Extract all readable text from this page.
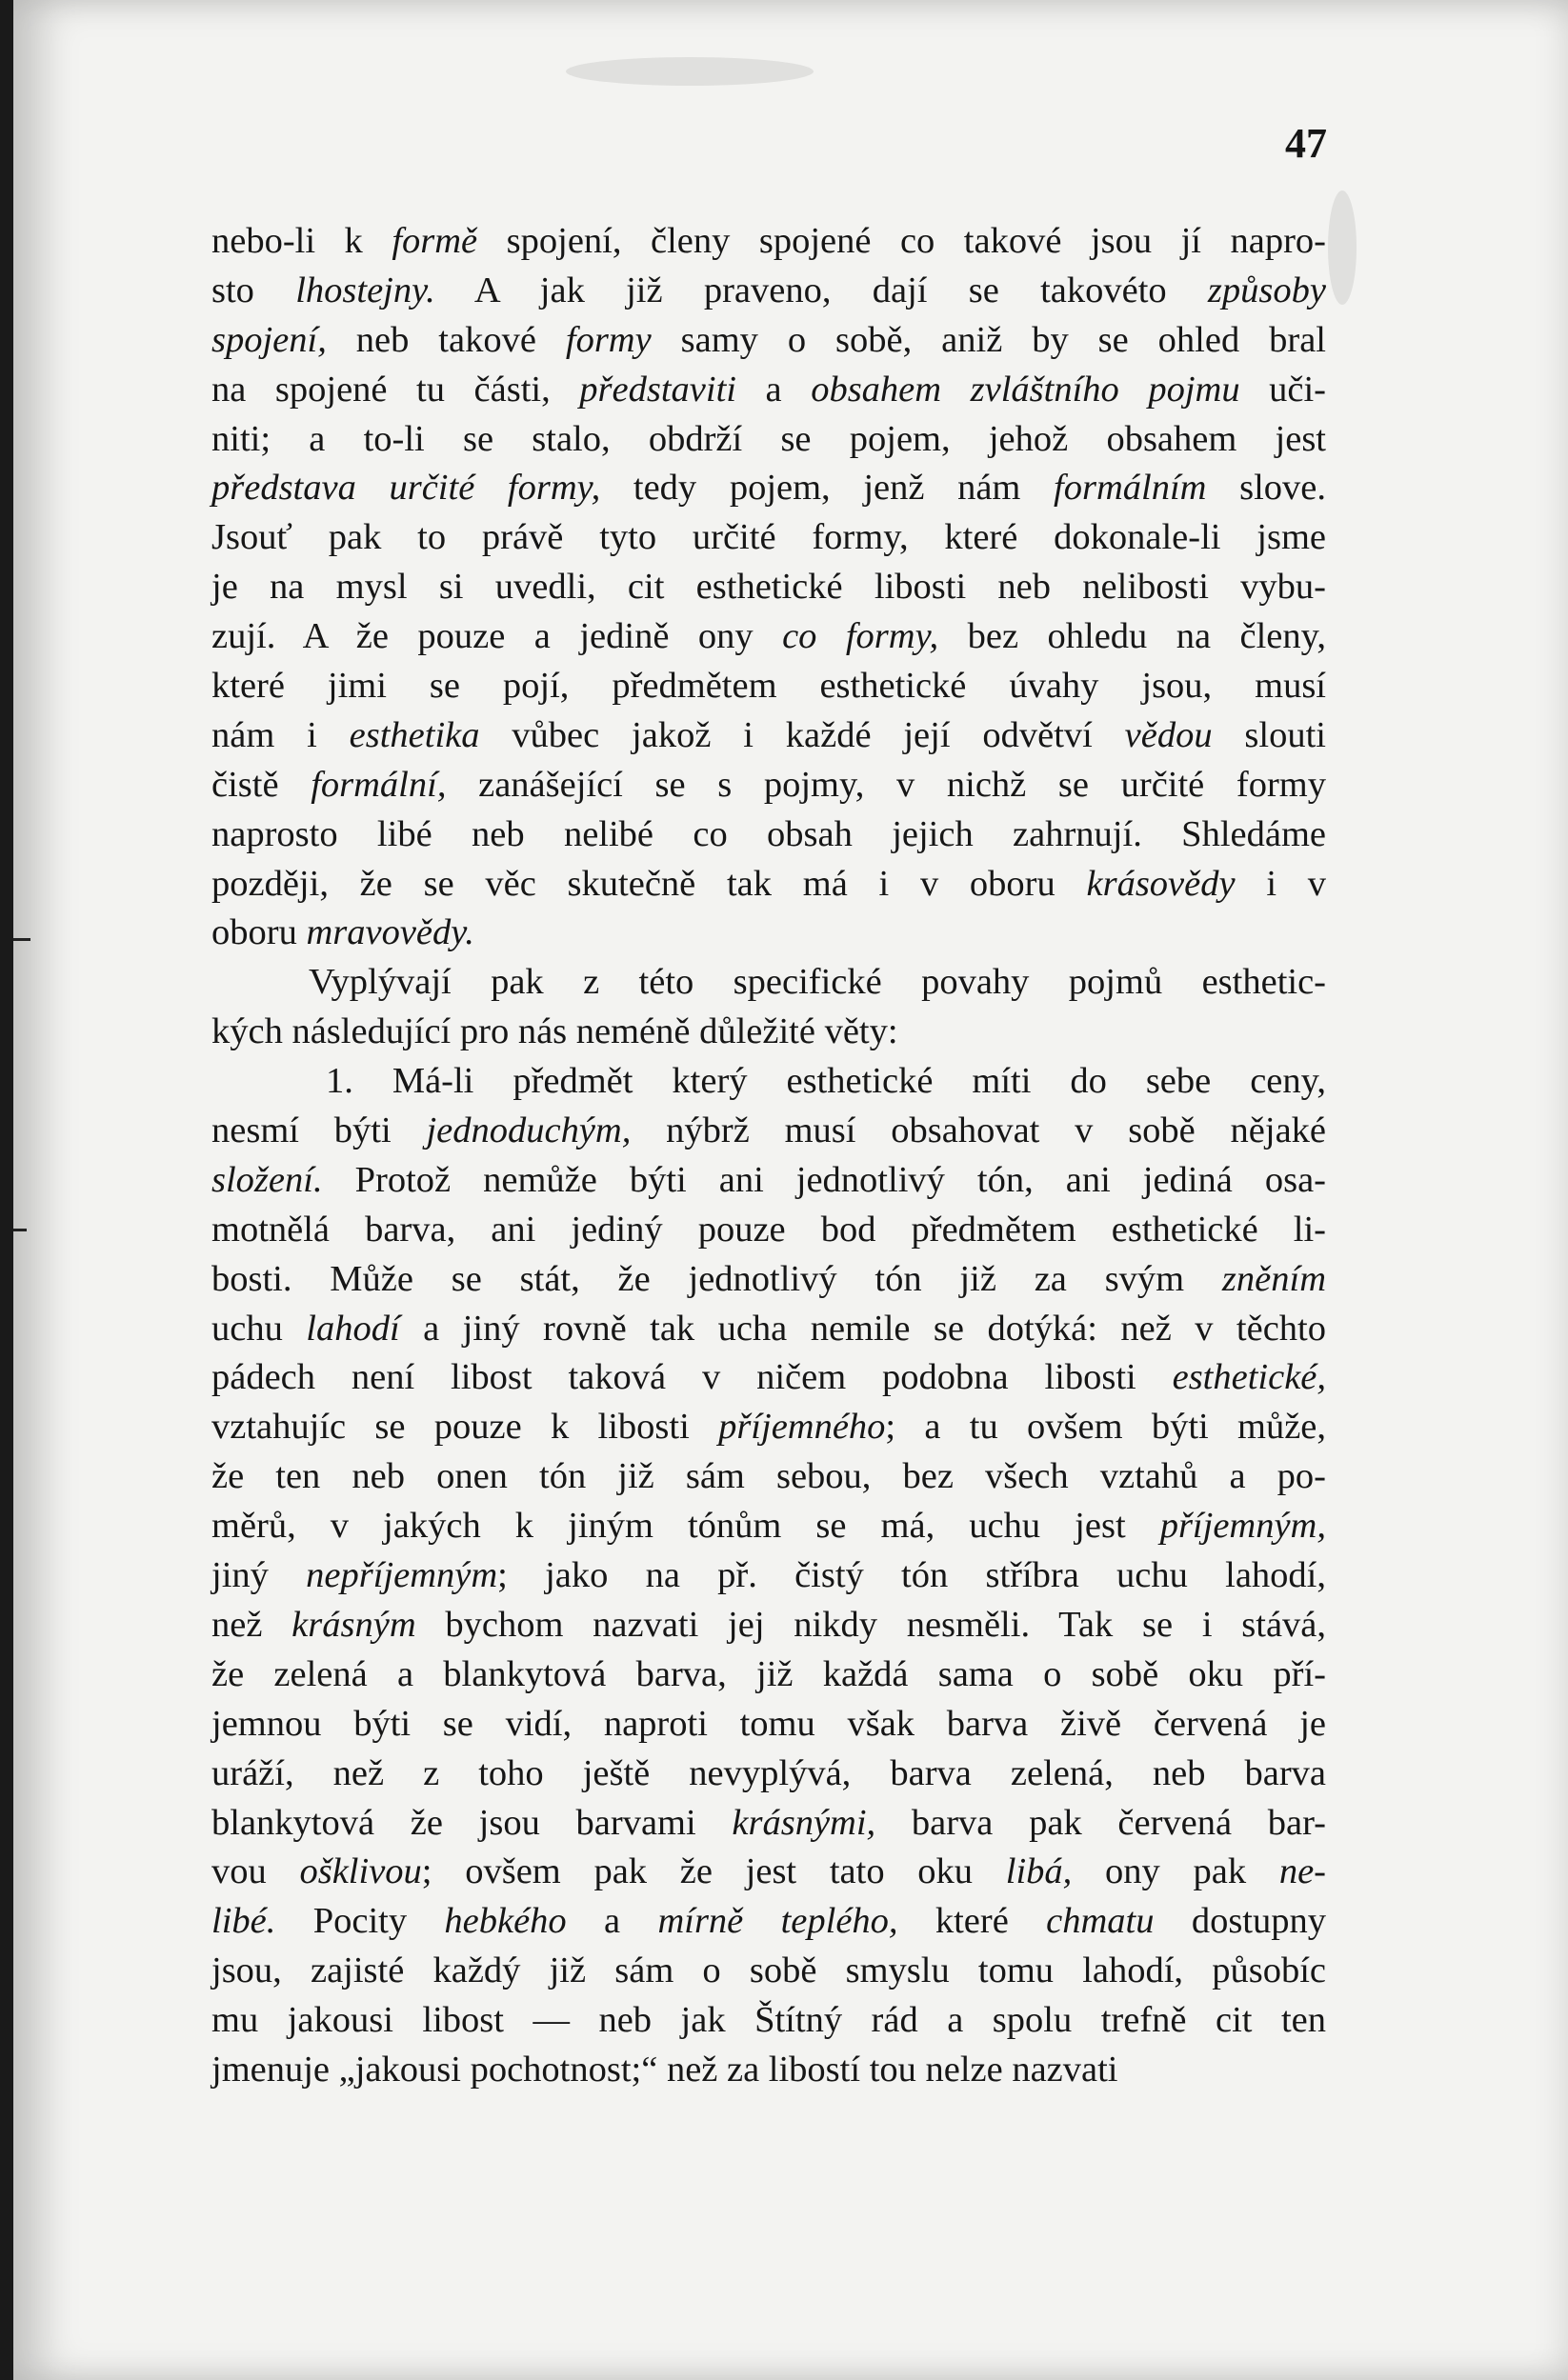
47
nebo-li k formě spojení, členy spojené co takové jsou jí napro-
sto lhostejny. A jak již praveno, dají se takovéto způsoby
spojení, neb takové formy samy o sobě, aniž by se ohled bral
na spojené tu části, představiti a obsahem zvláštního pojmu uči-
niti; a to-li se stalo, obdrží se pojem, jehož obsahem jest
představa určité formy, tedy pojem, jenž nám formálním slove.
Jsouť pak to právě tyto určité formy, které dokonale-li jsme
je na mysl si uvedli, cit esthetické libosti neb nelibosti vybu-
zují. A že pouze a jedině ony co formy, bez ohledu na členy,
které jimi se pojí, předmětem esthetické úvahy jsou, musí
nám i esthetika vůbec jakož i každé její odvětví vědou slouti
čistě formální, zanášející se s pojmy, v nichž se určité formy
naprosto libé neb nelibé co obsah jejich zahrnují. Shledáme
později, že se věc skutečně tak má i v oboru krásovědy i v
oboru mravovědy.
Vyplývají pak z této specifické povahy pojmů esthetic-
kých následující pro nás neméně důležité věty:
1. Má-li předmět který esthetické míti do sebe ceny,
nesmí býti jednoduchým, nýbrž musí obsahovat v sobě nějaké
složení. Protož nemůže býti ani jednotlivý tón, ani jediná osa-
motnělá barva, ani jediný pouze bod předmětem esthetické li-
bosti. Může se stát, že jednotlivý tón již za svým zněním
uchu lahodí a jiný rovně tak ucha nemile se dotýká: než v těchto
pádech není libost taková v ničem podobna libosti esthetické,
vztahujíc se pouze k libosti příjemného; a tu ovšem býti může,
že ten neb onen tón již sám sebou, bez všech vztahů a po-
měrů, v jakých k jiným tónům se má, uchu jest příjemným,
jiný nepříjemným; jako na př. čistý tón stříbra uchu lahodí,
než krásným bychom nazvati jej nikdy nesměli. Tak se i stává,
že zelená a blankytová barva, již každá sama o sobě oku pří-
jemnou býti se vidí, naproti tomu však barva živě červená je
uráží, než z toho ještě nevyplývá, barva zelená, neb barva
blankytová že jsou barvami krásnými, barva pak červená bar-
vou ošklivou; ovšem pak že jest tato oku libá, ony pak ne-
libé. Pocity hebkého a mírně teplého, které chmatu dostupny
jsou, zajisté každý již sám o sobě smyslu tomu lahodí, působíc
mu jakousi libost — neb jak Štítný rád a spolu trefně cit ten
jmenuje „jakousi pochotnost;“ než za libostí tou nelze nazvati
